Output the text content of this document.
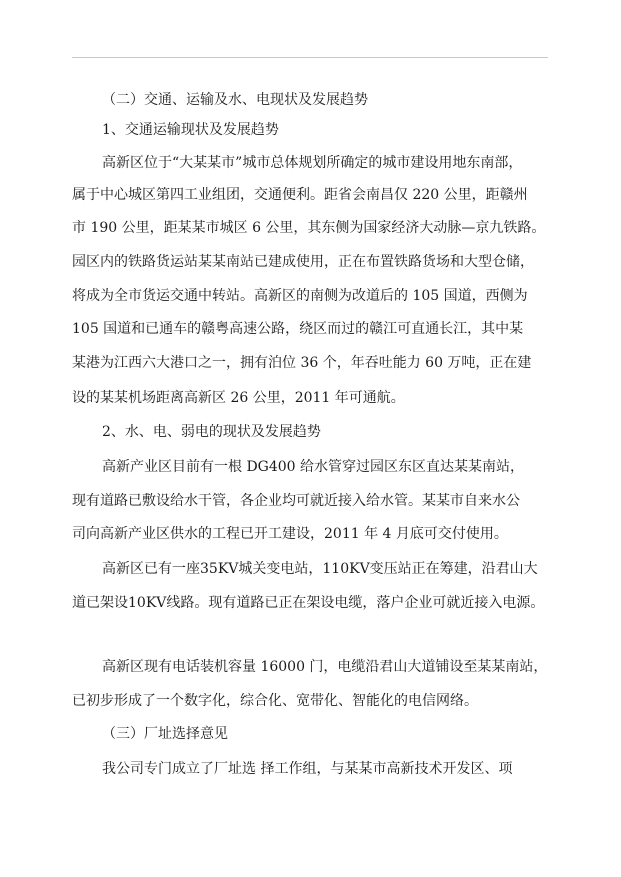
（二）交通、运输及水、电现状及发展趋势
1、交通运输现状及发展趋势
高新区位于“大某某市”城市总体规划所确定的城市建设用地东南部，
属于中心城区第四工业组团，交通便利。距省会南昌仅 220 公里，距赣州
市 190 公里，距某某市城区 6 公里，其东侧为国家经济大动脉—京九铁路。
园区内的铁路货运站某某南站已建成使用，正在布置铁路货场和大型仓储，
将成为全市货运交通中转站。高新区的南侧为改道后的 105 国道，西侧为
105 国道和已通车的赣粤高速公路，绕区而过的赣江可直通长江，其中某
某港为江西六大港口之一，拥有泊位 36 个，年吞吐能力 60 万吨，正在建
设的某某机场距离高新区 26 公里，2011 年可通航。
2、水、电、弱电的现状及发展趋势
高新产业区目前有一根 DG400 给水管穿过园区东区直达某某南站，
现有道路已敷设给水干管，各企业均可就近接入给水管。某某市自来水公
司向高新产业区供水的工程已开工建设，2011 年 4 月底可交付使用。
高新区已有一座35KV城关变电站，110KV变压站正在筹建，沿君山大
道已架设10KV线路。现有道路已正在架设电缆，落户企业可就近接入电源。
高新区现有电话装机容量 16000 门，电缆沿君山大道铺设至某某南站，
已初步形成了一个数字化，综合化、宽带化、智能化的电信网络。
（三）厂址选择意见
我公司专门成立了厂址选 择工作组，与某某市高新技术开发区、项
